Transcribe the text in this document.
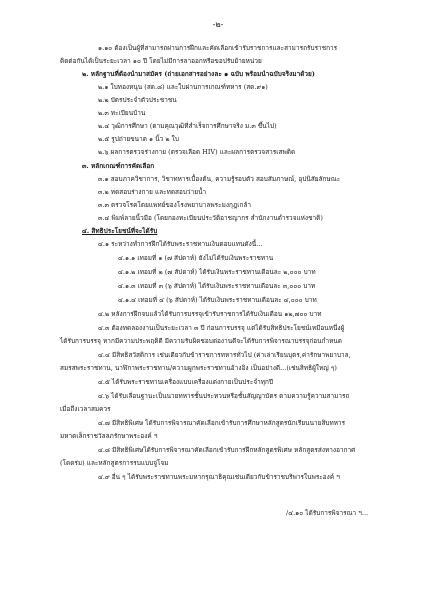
-๒-
๑.๑๐ ต้องเป็นผู้ที่สามารถผ่านการฝึกและคัดเลือกเข้ารับราชการและสามารถรับราชการ
ติดต่อกันได้เป็นระยะเวลา ๑๐ ปี โดยไม่มีการลาออกหรือขอปรับย้ายหน่วย
๒. หลักฐานที่ต้องนำมาสมัคร (ถ่ายเอกสารอย่างละ ๑ ฉบับ พร้อมนำฉบับจริงมาด้วย)
๒.๑ ใบทองหนุน (สด.๘) และใบผ่านการเกณฑ์ทหาร (สด.๙๑)
๒.๒ บัตรประจำตัวประชาชน
๒.๓ ทะเบียนบ้าน
๒.๔ วุฒิการศึกษา (ตามคุณวุฒิที่สำเร็จการศึกษาจริง ม.๓ ขึ้นไป)
๒.๕ รูปถ่ายขนาด ๑ นิ้ว ๒ ใบ
๒.๖ ผลการตรวจร่างกาย (ตรวจเลือด HIV) และผลการตรวจสารเสพติด
๓. หลักเกณฑ์การคัดเลือก
๓.๑ สอบภาควิชาการ, วิชาทหารเบื้องต้น, ความรู้รอบตัว สอบสัมภาษณ์, อุปนิสัยลักษณะ
๓.๒ ทดสอบร่างกาย และทดสอบว่ายน้ำ
๓.๓ ตรวจโรคโดยแพทย์ของโรงพยาบาลพระมงกุฎเกล้า
๓.๔ พิมพ์ลายนิ้วมือ (โดยกองทะเบียนประวัติอาชญากร สำนักงานตำรวจแห่งชาติ)
๔. สิทธิประโยชน์ที่จะได้รับ
๔.๑ ระหว่างทำการฝึกได้รับพระราชทานเงินตอบแทนดังนี้...
๔.๑.๑ เทอมที่ ๑ (๗ สัปดาห์) ยังไม่ได้รับเงินพระราชทาน
๔.๑.๒ เทอมที่ ๒ (๗ สัปดาห์) ได้รับเงินพระราชทานเดือนละ ๒,๐๐๐ บาท
๔.๑.๓ เทอมที่ ๓ (๖ สัปดาห์) ได้รับเงินพระราชทานเดือนละ ๓,๐๐๐ บาท
๔.๑.๔ เทอมที่ ๔ (๖ สัปดาห์) ได้รับเงินพระราชทานเดือนละ ๔,๐๐๐ บาท
๔.๒ หลังการฝึกจบแล้วได้รับการบรรจุเข้ารับราชการได้รับเงินเดือน ๑๒,๗๐๐ บาท
๔.๓ ต้องทดลองงานเป็นระยะเวลา ๓ ปี ก่อนการบรรจุ แต่ได้รับสิทธิประโยชน์เหมือนหนึ่งผู้
ได้รับการบรรจุ หากมีความประพฤติดี มีความรับผิดชอบต่องานดีจะได้รับการพิจารณาบรรจุก่อนกำหนด
๔.๔ มีสิทธิสวัสดิการ เช่นเดียวกับข้าราชการทหารทั่วไป (ค่าเล่าเรียนบุตร,ค่ารักษาพยาบาล,
สมรสพระราชทาน, นาฬิกาพระราชทาน/ความผูกพระราชทานอ้างอิง เป็นอย่างดี...(เช่นสิทธิผู้ใหญ่ ๆ)
๔.๕ ได้รับพระราชทานเครื่องแบบเครื่องแต่งกายเป็นประจำทุกปี
๔.๖ ได้รับเลื่อนฐานะเป็นนายทหารชั้นประทวนหรือชั้นสัญญาบัตร ตามความรู้ความสามารถ
เมื่อถึงเวลาสมควร
๔.๗ มีสิทธิพิเศษ ได้รับการพิจารณาคัดเลือกเข้ารับการศึกษาหลักสูตรนักเรียนนายสิบทหาร
มหาดเล็กราชวัลลภรักษาพระองค์ ฯ
๔.๘ มีสิทธิพิเศษได้รับการพิจารณาคัดเลือกเข้ารับการฝึกหลักสูตรพิเศษ หลักสูตรส่งทางอากาศ
(โดดร่ม) และหลักสูตรการรบแบบจู่โจม
๔.๙ อื่น ๆ ได้รับพระราชทานพระมหากรุณาธิคุณเช่นเดียวกับข้าราชบริพารในพระองค์ ฯ
/๔.๑๐ ได้รับการพิจารณา ฯ...
